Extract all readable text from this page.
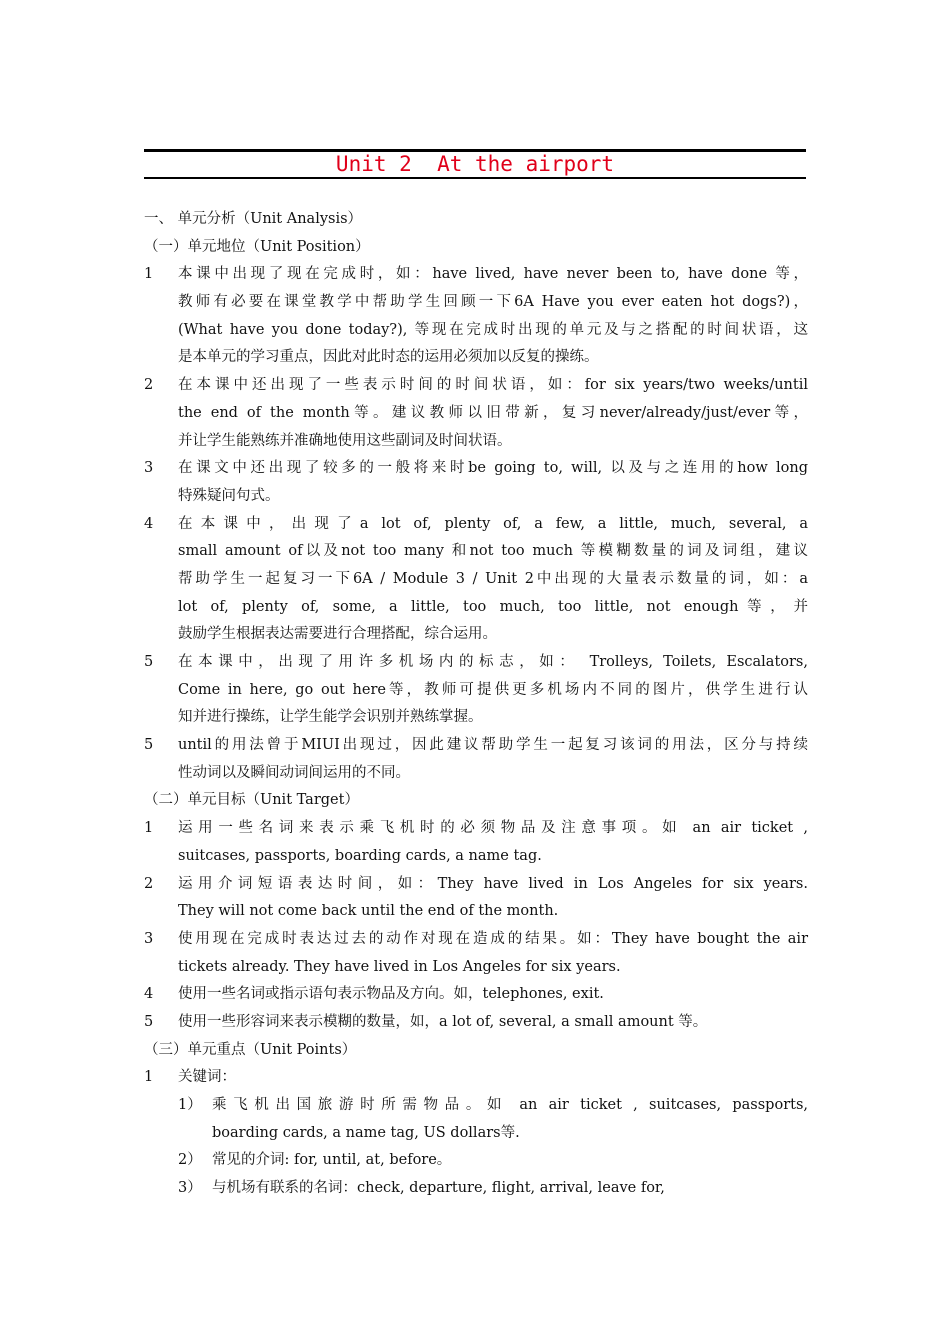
Unit 2  At the airport
一、 单元分析（Unit Analysis）
（一）单元地位（Unit Position）
1	本课中出现了现在完成时，如：have lived, have never been to, have done 等，
教师有必要在课堂教学中帮助学生回顾一下6A Have you ever eaten hot dogs?)，
(What have you done today?), 等现在完成时出现的单元及与之搭配的时间状语，这
是本单元的学习重点，因此对此时态的运用必须加以反复的操练。
2	在本课中还出现了一些表示时间的时间状语，如：for six years/two weeks/until
the end of the month等。建议教师以旧带新，复习never/already/just/ever等，
并让学生能熟练并准确地使用这些副词及时间状语。
3	在课文中还出现了较多的一般将来时be going to, will, 以及与之连用的how long
特殊疑问句式。
4	在本课中，出现了a lot of, plenty of, a few, a little, much, several, a
small amount of以及not too many 和not too much 等模糊数量的词及词组，建议
帮助学生一起复习一下6A / Module 3 / Unit 2中出现的大量表示数量的词，如：a
lot of, plenty of, some, a little, too much, too little, not enough等，并
鼓励学生根据表达需要进行合理搭配，综合运用。
5	在本课中，出现了用许多机场内的标志，如： Trolleys, Toilets, Escalators,
Come in here, go out here等，教师可提供更多机场内不同的图片，供学生进行认
知并进行操练，让学生能学会识别并熟练掌握。
5	until的用法曾于MIUI出现过，因此建议帮助学生一起复习该词的用法，区分与持续
性动词以及瞬间动词间运用的不同。
（二）单元目标（Unit Target）
1	运用一些名词来表示乘飞机时的必须物品及注意事项。如 an air ticket ,
suitcases, passports, boarding cards, a name tag.
2	运用介词短语表达时间，如：They have lived in Los Angeles for six years.
They will not come back until the end of the month.
3	使用现在完成时表达过去的动作对现在造成的结果。如：They have bought the air
tickets already. They have lived in Los Angeles for six years.
4	使用一些名词或指示语句表示物品及方向。如，telephones, exit.
5	使用一些形容词来表示模糊的数量，如，a lot of, several, a small amount 等。
（三）单元重点（Unit Points）
1	关键词：
1） 乘飞机出国旅游时所需物品。如 an air ticket , suitcases, passports,
boarding cards, a name tag, US dollars等.
2） 常见的介词: for, until, at, before。
3） 与机场有联系的名词：check, departure, flight, arrival, leave for,
